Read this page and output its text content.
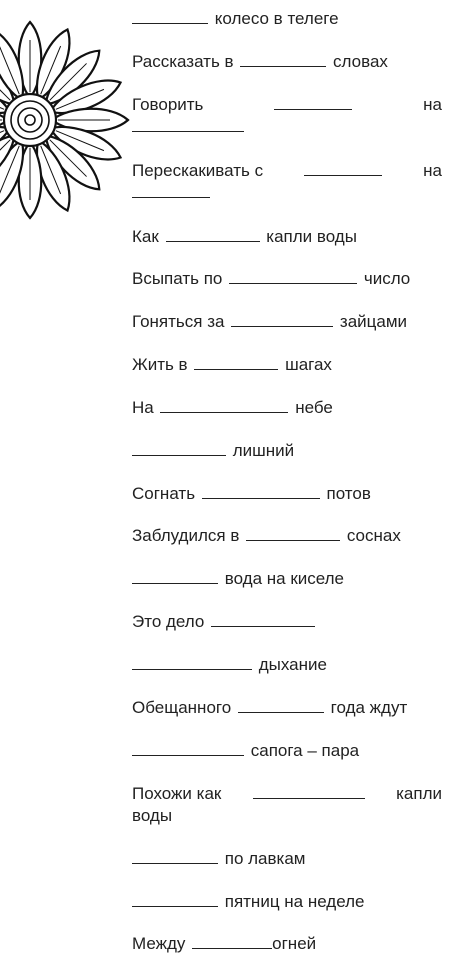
колесо в телеге
Рассказать в	словах
Говорить	на
Перескакивать с	на
Как	капли воды
Всыпать по	число
Гоняться за	зайцами
Жить в	шагах
На	небе
лишний
Согнать	потов
Заблудился в	соснах
вода на киселе
Это дело
дыхание
Обещанного	года ждут
сапога – пара
Похожи как	капли
воды
по лавкам
пятниц на неделе
Между	огней
